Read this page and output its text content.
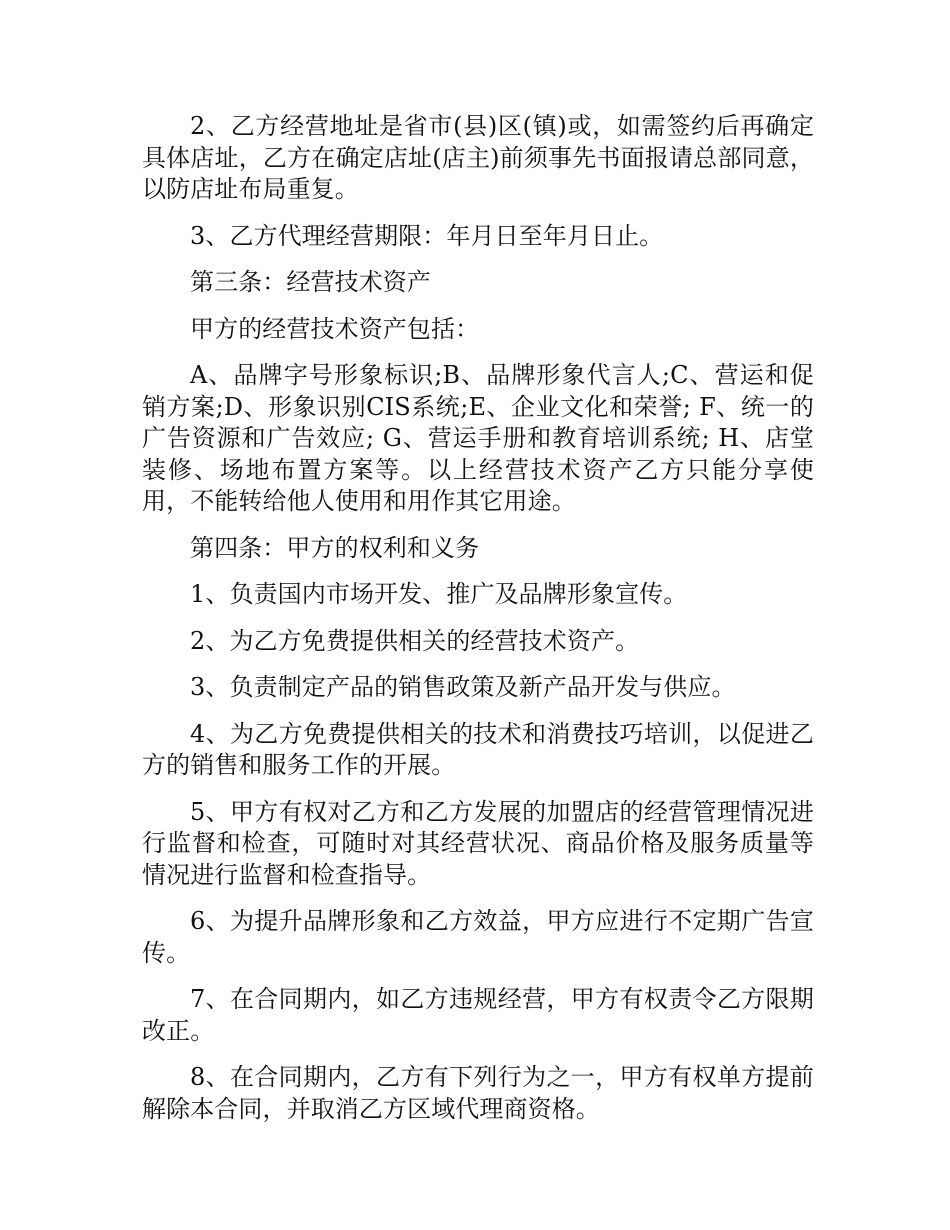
2、乙方经营地址是省市(县)区(镇)或，如需签约后再确定具体店址，乙方在确定店址(店主)前须事先书面报请总部同意，以防店址布局重复。

3、乙方代理经营期限：年月日至年月日止。

第三条：经营技术资产

甲方的经营技术资产包括：

A、品牌字号形象标识;B、品牌形象代言人;C、营运和促销方案;D、形象识别CIS系统;E、企业文化和荣誉; F、统一的广告资源和广告效应; G、营运手册和教育培训系统; H、店堂装修、场地布置方案等。以上经营技术资产乙方只能分享使用，不能转给他人使用和用作其它用途。

第四条：甲方的权利和义务

1、负责国内市场开发、推广及品牌形象宣传。

2、为乙方免费提供相关的经营技术资产。

3、负责制定产品的销售政策及新产品开发与供应。

4、为乙方免费提供相关的技术和消费技巧培训，以促进乙方的销售和服务工作的开展。

5、甲方有权对乙方和乙方发展的加盟店的经营管理情况进行监督和检查，可随时对其经营状况、商品价格及服务质量等情况进行监督和检查指导。

6、为提升品牌形象和乙方效益，甲方应进行不定期广告宣传。

7、在合同期内，如乙方违规经营，甲方有权责令乙方限期改正。

8、在合同期内，乙方有下列行为之一，甲方有权单方提前解除本合同，并取消乙方区域代理商资格。
